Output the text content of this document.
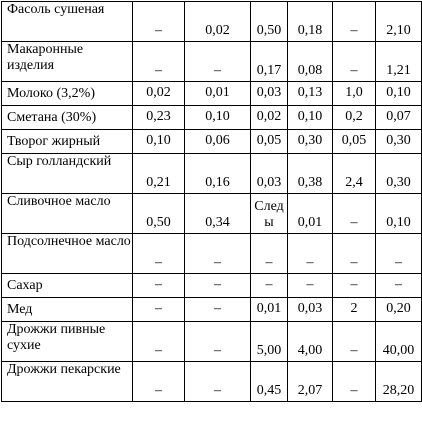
Фасоль сушеная	–	0,02	0,50	0,18	–	2,10
Макаронные изделия	–	–	0,17	0,08	–	1,21
Молоко (3,2%)	0,02	0,01	0,03	0,13	1,0	0,10
Сметана (30%)	0,23	0,10	0,02	0,10	0,2	0,07
Творог жирный	0,10	0,06	0,05	0,30	0,05	0,30
Сыр голландский	0,21	0,16	0,03	0,38	2,4	0,30
Сливочное масло	0,50	0,34	Следы	0,01	–	0,10
Подсолнечное масло	–	–	–	–	–	–
Сахар	–	–	–	–	–	–
Мед	–	–	0,01	0,03	2	0,20
Дрожжи пивные сухие	–	–	5,00	4,00	–	40,00
Дрожжи пекарские	–	–	0,45	2,07	–	28,20
